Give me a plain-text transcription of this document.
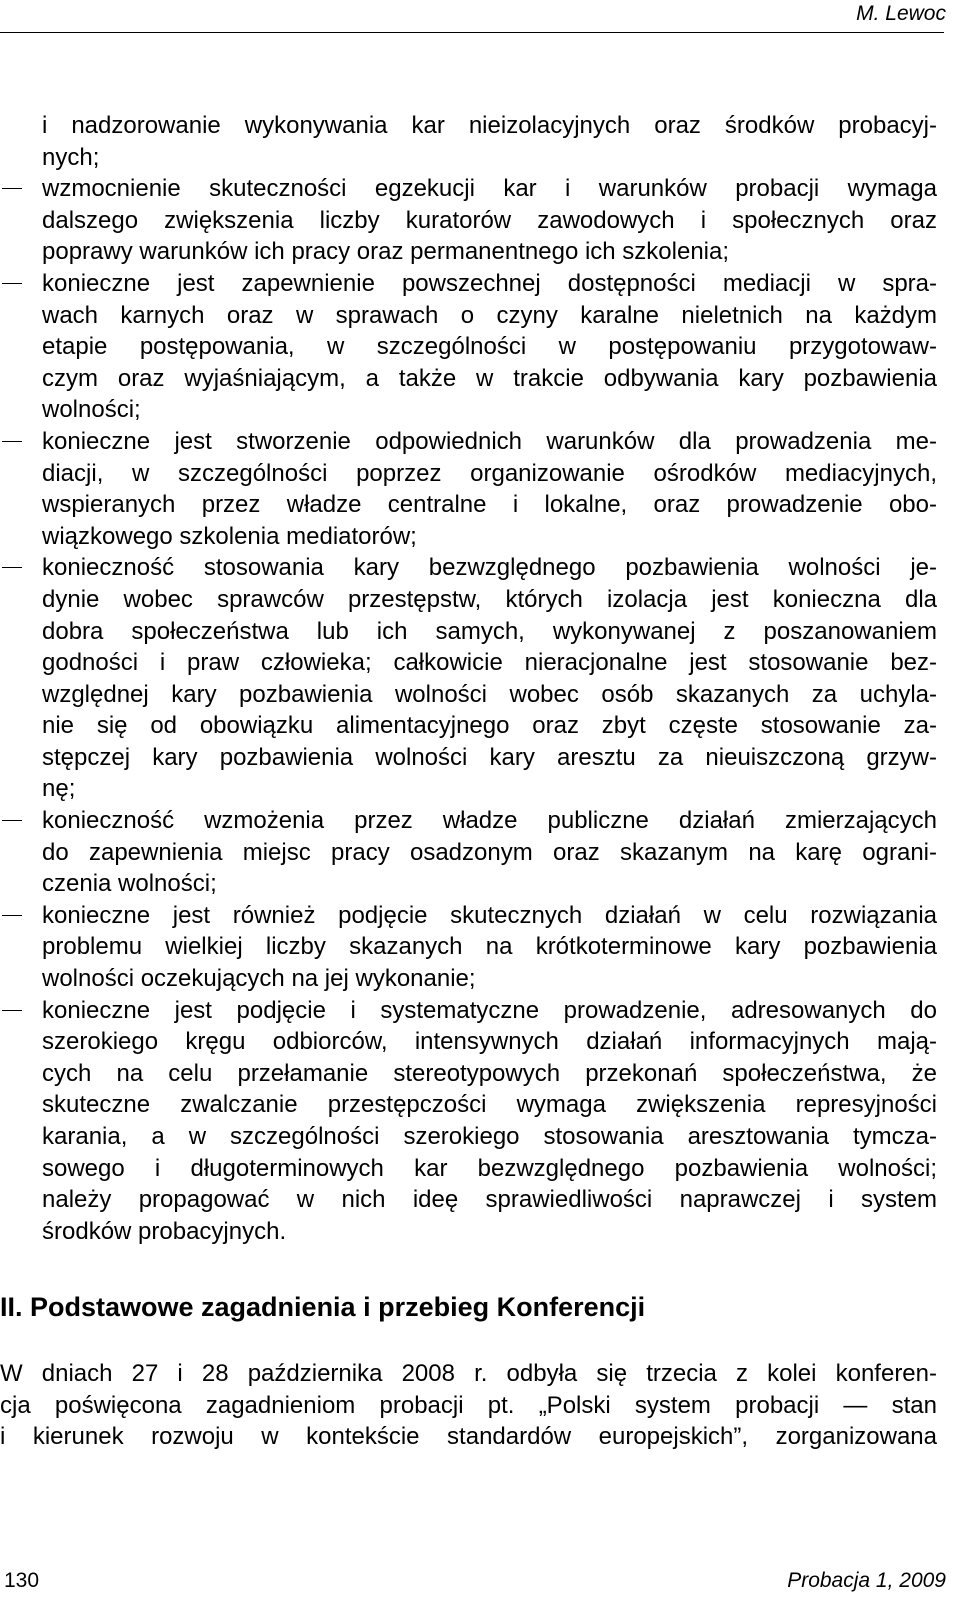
M. Lewoc
i nadzorowanie wykonywania kar nieizolacyjnych oraz środków probacyj-
nych;
wzmocnienie skuteczności egzekucji kar i warunków probacji wymaga
dalszego zwiększenia liczby kuratorów zawodowych i społecznych oraz
poprawy warunków ich pracy oraz permanentnego ich szkolenia;
konieczne jest zapewnienie powszechnej dostępności mediacji w spra-
wach karnych oraz w sprawach o czyny karalne nieletnich na każdym
etapie postępowania, w szczególności w postępowaniu przygotowaw-
czym oraz wyjaśniającym, a także w trakcie odbywania kary pozbawienia
wolności;
konieczne jest stworzenie odpowiednich warunków dla prowadzenia me-
diacji, w szczególności poprzez organizowanie ośrodków mediacyjnych,
wspieranych przez władze centralne i lokalne, oraz prowadzenie obo-
wiązkowego szkolenia mediatorów;
konieczność stosowania kary bezwzględnego pozbawienia wolności je-
dynie wobec sprawców przestępstw, których izolacja jest konieczna dla
dobra społeczeństwa lub ich samych, wykonywanej z poszanowaniem
godności i praw człowieka; całkowicie nieracjonalne jest stosowanie bez-
względnej kary pozbawienia wolności wobec osób skazanych za uchyla-
nie się od obowiązku alimentacyjnego oraz zbyt częste stosowanie za-
stępczej kary pozbawienia wolności kary aresztu za nieuiszczoną grzyw-
nę;
konieczność wzmożenia przez władze publiczne działań zmierzających
do zapewnienia miejsc pracy osadzonym oraz skazanym na karę ograni-
czenia wolności;
konieczne jest również podjęcie skutecznych działań w celu rozwiązania
problemu wielkiej liczby skazanych na krótkoterminowe kary pozbawienia
wolności oczekujących na jej wykonanie;
konieczne jest podjęcie i systematyczne prowadzenie, adresowanych do
szerokiego kręgu odbiorców, intensywnych działań informacyjnych mają-
cych na celu przełamanie stereotypowych przekonań społeczeństwa, że
skuteczne zwalczanie przestępczości wymaga zwiększenia represyjności
karania, a w szczególności szerokiego stosowania aresztowania tymcza-
sowego i długoterminowych kar bezwzględnego pozbawienia wolności;
należy propagować w nich ideę sprawiedliwości naprawczej i system
środków probacyjnych.
II. Podstawowe zagadnienia i przebieg Konferencji
W dniach 27 i 28 października 2008 r. odbyła się trzecia z kolei konferen-
cja poświęcona zagadnieniom probacji pt. „Polski system probacji — stan
i kierunek rozwoju w kontekście standardów europejskich”, zorganizowana
130	Probacja 1, 2009
